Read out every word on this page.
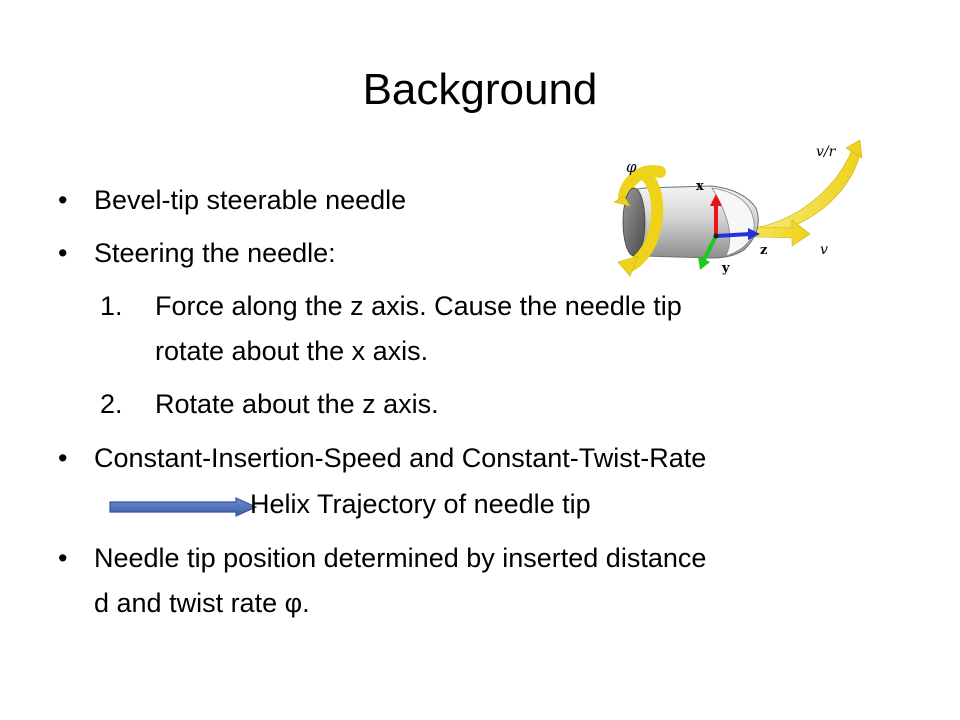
Background
• Bevel-tip steerable needle
• Steering the needle:
1. Force along the z axis. Cause the needle tip
rotate about the x axis.
2. Rotate about the z axis.
• Constant-Insertion-Speed and Constant-Twist-Rate
Helix Trajectory of needle tip
• Needle tip position determined by inserted distance
d and twist rate φ.
φ
x
z
y
v
v/r
